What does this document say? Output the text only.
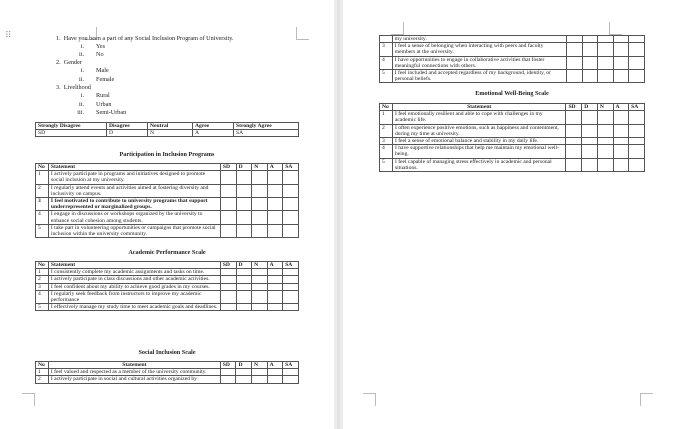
⠿	1. Have you been a part of any Social Inclusion Program of University.
i. Yes
ii. No
2. Gender
i. Male
ii. Female
3. Livelihood
i. Rural
ii. Urban
iii. Semi-Urban
Strongly Disagree	Disagree	Neutral	Agree	Strongly Agree
SD	D	N	A	SA
Participation in Inclusion Programs
No	Statement	SD	D	N	A	SA
1	I actively participate in programs and initiatives designed to promote social inclusion at my university.					
2	I regularly attend events and activities aimed at fostering diversity and inclusivity on campus.					
3	I feel motivated to contribute to university programs that support underrepresented or marginalized groups.					
4	I engage in discussions or workshops organized by the university to enhance social cohesion among students.					
5	I take part in volunteering opportunities or campaigns that promote social inclusion within the university community.					
Academic Performance Scale
No	Statement	SD	D	N	A	SA
1	I consistently complete my academic assignments and tasks on time.					
2	I actively participate in class discussions and other academic activities.					
3	I feel confident about my ability to achieve good grades in my courses.					
4	I regularly seek feedback from instructors to improve my academic performance					
5	I effectively manage my study time to meet academic goals and deadlines.					
Social Inclusion Scale
No	Statement	SD	D	N	A	SA
1	I feel valued and respected as a member of the university community.					
2	I actively participate in social and cultural activities organized by					
	my university.					
3	I feel a sense of belonging when interacting with peers and faculty members at the university.					
4	I have opportunities to engage in collaborative activities that foster meaningful connections with others.					
5	I feel included and accepted regardless of my background, identity, or personal beliefs.					
Emotional Well-Being Scale
No	Statement	SD	D	N	A	SA
1	I feel emotionally resilient and able to cope with challenges in my academic life.					
2	I often experience positive emotions, such as happiness and contentment, during my time at university.					
3	I feel a sense of emotional balance and stability in my daily life.					
4	I have supportive relationships that help me maintain my emotional well-being.					
5	I feel capable of managing stress effectively in academic and personal situations.					
